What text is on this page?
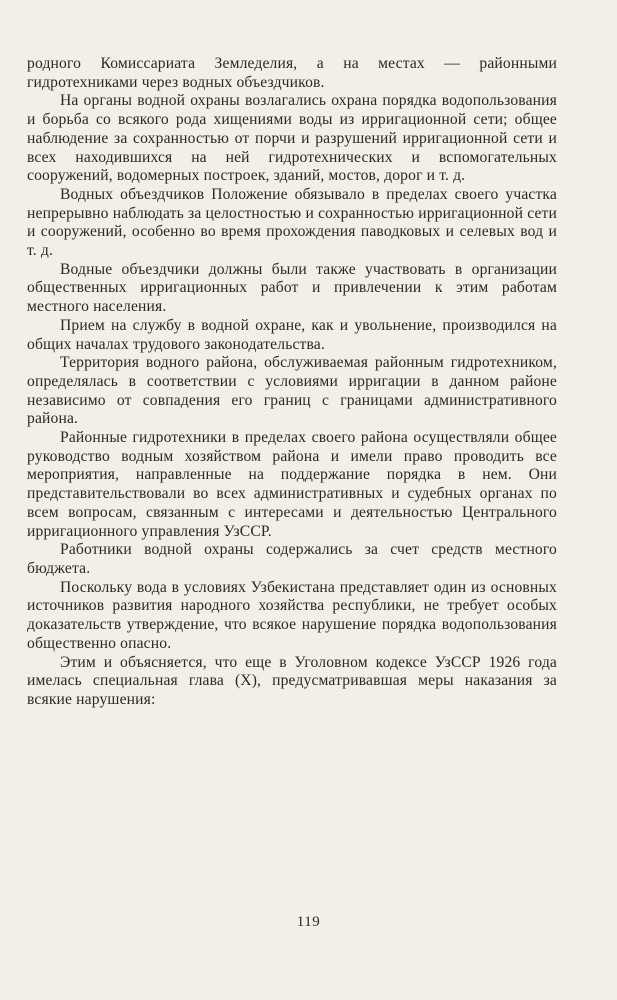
родного Комиссариата Земледелия, а на местах — районными гидротехниками через водных объездчиков.

На органы водной охраны возлагались охрана порядка водопользования и борьба со всякого рода хищениями воды из ирригационной сети; общее наблюдение за сохранностью от порчи и разрушений ирригационной сети и всех находившихся на ней гидротехнических и вспомогательных сооружений, водомерных построек, зданий, мостов, дорог и т. д.

Водных объездчиков Положение обязывало в пределах своего участка непрерывно наблюдать за целостностью и сохранностью ирригационной сети и сооружений, особенно во время прохождения паводковых и селевых вод и т. д.

Водные объездчики должны были также участвовать в организации общественных ирригационных работ и привлечении к этим работам местного населения.

Прием на службу в водной охране, как и увольнение, производился на общих началах трудового законодательства.

Территория водного района, обслуживаемая районным гидротехником, определялась в соответствии с условиями ирригации в данном районе независимо от совпадения его границ с границами административного района.

Районные гидротехники в пределах своего района осуществляли общее руководство водным хозяйством района и имели право проводить все мероприятия, направленные на поддержание порядка в нем. Они представительствовали во всех административных и судебных органах по всем вопросам, связанным с интересами и деятельностью Центрального ирригационного управления УзССР.

Работники водной охраны содержались за счет средств местного бюджета.

Поскольку вода в условиях Узбекистана представляет один из основных источников развития народного хозяйства республики, не требует особых доказательств утверждение, что всякое нарушение порядка водопользования общественно опасно.

Этим и объясняется, что еще в Уголовном кодексе УзССР 1926 года имелась специальная глава (X), предусматривавшая меры наказания за всякие нарушения:

119
